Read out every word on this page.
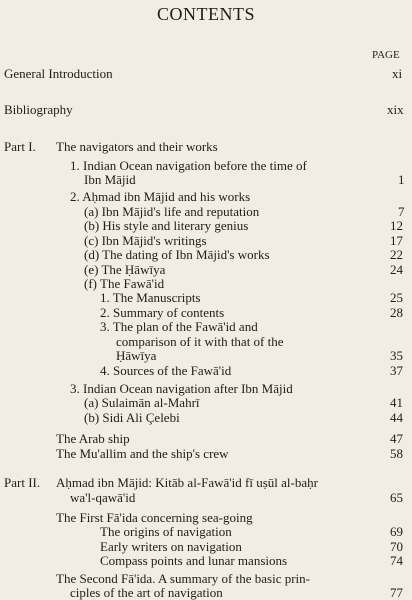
CONTENTS
PAGE
General Introduction	xi
Bibliography	xix
Part I. The navigators and their works
1. Indian Ocean navigation before the time of
Ibn Mājid	1
2. Aḥmad ibn Mājid and his works
(a) Ibn Mājid's life and reputation	7
(b) His style and literary genius	12
(c) Ibn Mājid's writings	17
(d) The dating of Ibn Mājid's works	22
(e) The Ḥāwīya	24
(f) The Fawā'id
1. The Manuscripts	25
2. Summary of contents	28
3. The plan of the Fawā'id and
comparison of it with that of the
Ḥāwīya	35
4. Sources of the Fawā'id	37
3. Indian Ocean navigation after Ibn Mājid
(a) Sulaimān al-Mahrī	41
(b) Sidi Ali Çelebi	44
The Arab ship	47
The Mu'allim and the ship's crew	58
Part II. Aḥmad ibn Mājid: Kitāb al-Fawā'id fī uṣūl al-baḥr
wa'l-qawā'id	65
The First Fā'ida concerning sea-going
The origins of navigation	69
Early writers on navigation	70
Compass points and lunar mansions	74
The Second Fā'ida. A summary of the basic prin-
ciples of the art of navigation	77
